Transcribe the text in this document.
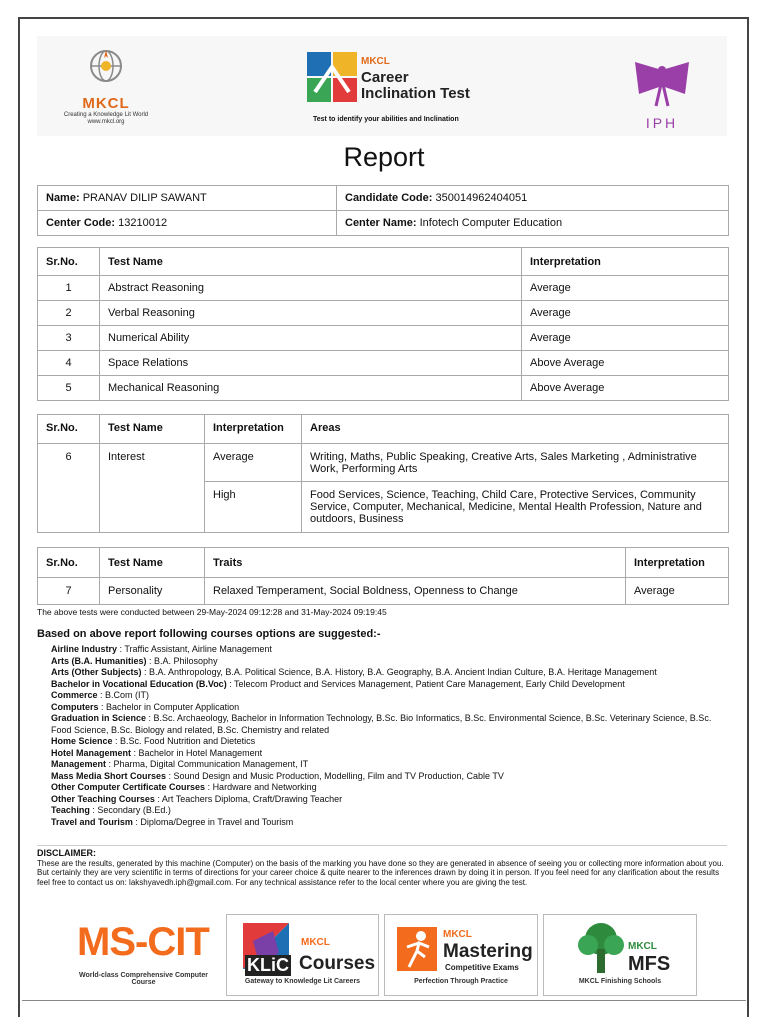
MKCL
Creating a Knowledge Lit World
www.mkcl.org
MKCL
Career
Inclination Test
Test to identify your abilities and Inclination	IPH
Report
Name: PRANAV DILIP SAWANT	Candidate Code: 350014962404051
Center Code: 13210012	Center Name: Infotech Computer Education
Sr.No.	Test Name	Interpretation
1	Abstract Reasoning	Average
2	Verbal Reasoning	Average
3	Numerical Ability	Average
4	Space Relations	Above Average
5	Mechanical Reasoning	Above Average
Sr.No.	Test Name	Interpretation	Areas
6	Interest	Average	Writing, Maths, Public Speaking, Creative Arts, Sales Marketing , Administrative Work, Performing Arts
		High	Food Services, Science, Teaching, Child Care, Protective Services, Community Service, Computer, Mechanical, Medicine, Mental Health Profession, Nature and outdoors, Business
Sr.No.	Test Name	Traits	Interpretation
7	Personality	Relaxed Temperament, Social Boldness, Openness to Change	Average
The above tests were conducted between 29-May-2024 09:12:28 and 31-May-2024 09:19:45
Based on above report following courses options are suggested:-
Airline Industry : Traffic Assistant, Airline Management
Arts (B.A. Humanities) : B.A. Philosophy
Arts (Other Subjects) : B.A. Anthropology, B.A. Political Science, B.A. History, B.A. Geography, B.A. Ancient Indian Culture, B.A. Heritage Management
Bachelor in Vocational Education (B.Voc) : Telecom Product and Services Management, Patient Care Management, Early Child Development
Commerce : B.Com (IT)
Computers : Bachelor in Computer Application
Graduation in Science : B.Sc. Archaeology, Bachelor in Information Technology, B.Sc. Bio Informatics, B.Sc. Environmental Science, B.Sc. Veterinary Science, B.Sc. Food Science, B.Sc. Biology and related, B.Sc. Chemistry and related
Home Science : B.Sc. Food Nutrition and Dietetics
Hotel Management : Bachelor in Hotel Management
Management : Pharma, Digital Communication Management, IT
Mass Media Short Courses : Sound Design and Music Production, Modelling, Film and TV Production, Cable TV
Other Computer Certificate Courses : Hardware and Networking
Other Teaching Courses : Art Teachers Diploma, Craft/Drawing Teacher
Teaching : Secondary (B.Ed.)
Travel and Tourism : Diploma/Degree in Travel and Tourism
DISCLAIMER:
These are the results, generated by this machine (Computer) on the basis of the marking you have done so they are generated in absence of seeing you or collecting more information about you. But certainly they are very scientific in terms of directions for your career choice & quite nearer to the inferences drawn by doing it in person. If you feel need for any clarification about the results feel free to contact us on: lakshyavedh.iph@gmail.com. For any technical assistance refer to the local center where you are giving the test.
MS-CIT
World-class Comprehensive Computer Course
MKCL
KLiC Courses
Gateway to Knowledge Lit Careers
MKCL
Mastering
Competitive Exams
Perfection Through Practice
MKCL
MFS
MKCL Finishing Schools
